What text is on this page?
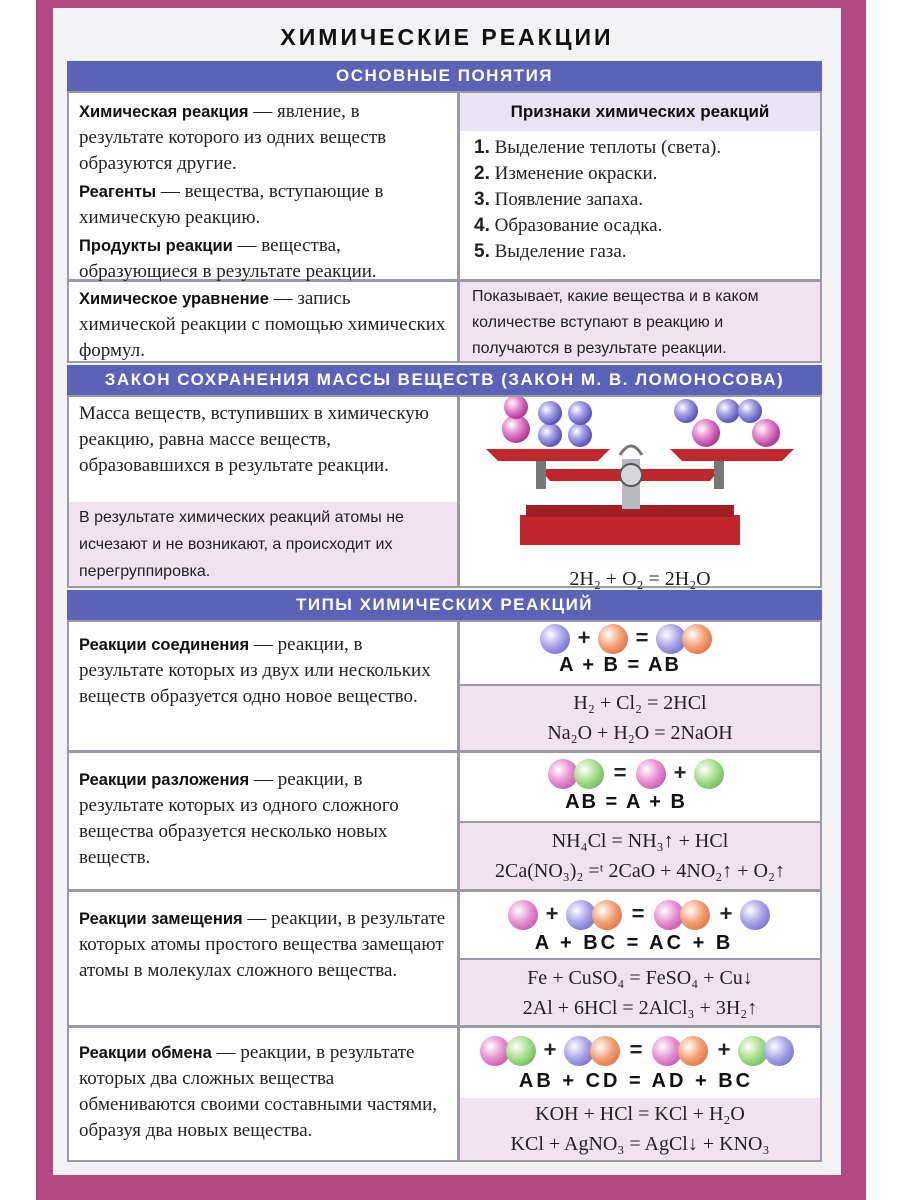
ХИМИЧЕСКИЕ РЕАКЦИИ
ОСНОВНЫЕ ПОНЯТИЯ

Химическая реакция — явление, в результате которого из одних веществ образуются другие.

Реагенты — вещества, вступающие в химическую реакцию.

Продукты реакции — вещества, образующиеся в результате реакции.

Признаки химических реакций
1. Выделение теплоты (света).
2. Изменение окраски.
3. Появление запаха.
4. Образование осадка.
5. Выделение газа.

Химическое уравнение — запись химической реакции с помощью химических формул.

Показывает, какие вещества и в каком количестве вступают в реакцию и получаются в результате реакции.

ЗАКОН СОХРАНЕНИЯ МАССЫ ВЕЩЕСТВ (ЗАКОН М. В. ЛОМОНОСОВА)

Масса веществ, вступивших в химическую реакцию, равна массе веществ, образовавшихся в результате реакции.

В результате химических реакций атомы не исчезают и не возникают, а происходит их перегруппировка.	2H₂ + O₂ = 2H₂O
ТИПЫ ХИМИЧЕСКИХ РЕАКЦИЙ

Реакции соединения — реакции, в результате которых из двух или нескольких веществ образуется одно новое вещество.

+ =
A + B = AB
H₂ + Cl₂ = 2HCl
Na₂O + H₂O = 2NaOH

Реакции разложения — реакции, в результате которых из одного сложного вещества образуется несколько новых веществ.

= +
AB = A + B
NH₄Cl = NH₃↑ + HCl
2Ca(NO₃)₂ =ᵗ 2CaO + 4NO₂↑ + O₂↑

Реакции замещения — реакции, в результате которых атомы простого вещества замещают атомы в молекулах сложного вещества.

+	=	+
A + BC = AC + B
Fe + CuSO₄ = FeSO₄ + Cu↓
2Al + 6HCl = 2AlCl₃ + 3H₂↑

Реакции обмена — реакции, в результате которых два сложных вещества обмениваются своими составными частями, образуя два новых вещества.

+	=	+
AB + CD = AD + BC
KOH + HCl = KCl + H₂O
KCl + AgNO₃ = AgCl↓ + KNO₃
